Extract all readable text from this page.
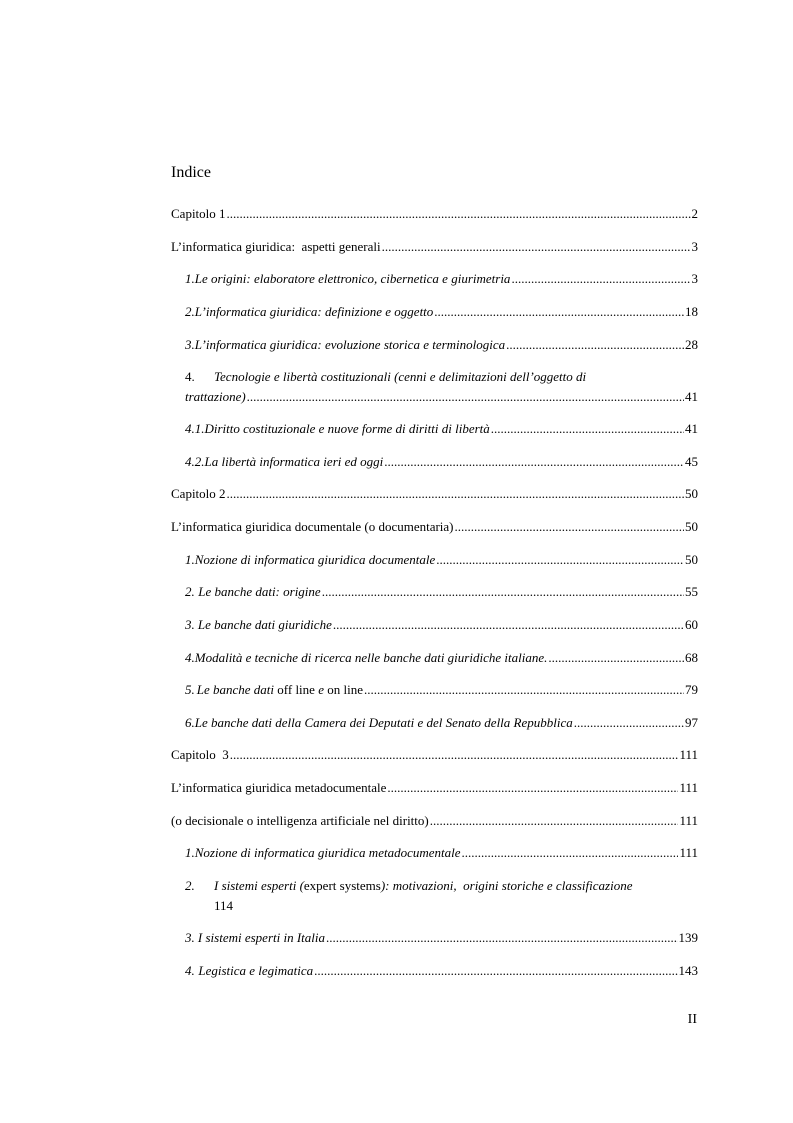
Indice
Capitolo 1 .....	2
L’informatica giuridica:  aspetti generali .....	3
1. Le origini: elaboratore elettronico, cibernetica e giurimetria .....	3
2. L’informatica giuridica: definizione e oggetto .....	18
3. L’informatica giuridica: evoluzione storica e terminologica .....	28
4.	Tecnologie e libertà costituzionali (cenni e delimitazioni dell’oggetto di
trattazione) .....	41
4.1. Diritto costituzionale e nuove forme di diritti di libertà .....	41
4.2. La libertà informatica ieri ed oggi .....	45
Capitolo 2 .....	50
L’informatica giuridica documentale (o documentaria) .....	50
1. Nozione di informatica giuridica documentale .....	50
2. Le banche dati: origine .....	55
3. Le banche dati giuridiche .....	60
4. Modalità e tecniche di ricerca nelle banche dati giuridiche italiane. .....	68
5. Le banche dati off line e on line .....	79
6. Le banche dati della Camera dei Deputati e del Senato della Repubblica .....	97
Capitolo  3 .....	111
L’informatica giuridica metadocumentale .....	111
(o decisionale o intelligenza artificiale nel diritto) .....	111
1. Nozione di informatica giuridica metadocumentale .....	111
2.	I sistemi esperti (expert systems): motivazioni,  origini storiche e classificazione
114
3. I sistemi esperti in Italia .....	139
4. Legistica e legimatica .....	143
II
